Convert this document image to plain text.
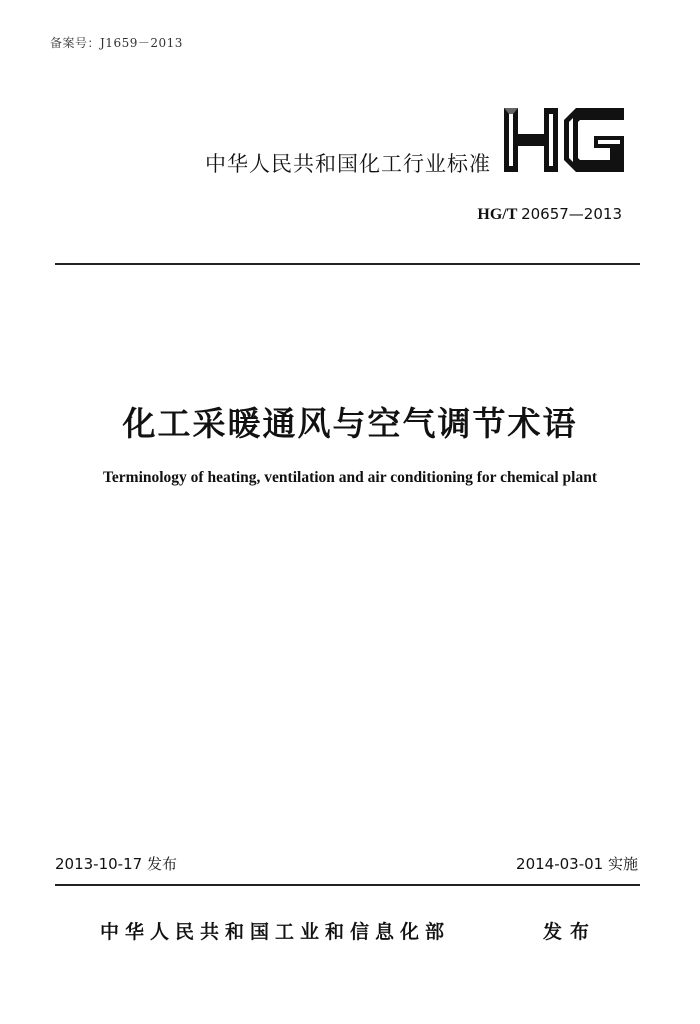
备案号：J1659－2013
中华人民共和国化工行业标准
HG/T 20657—2013
化工采暖通风与空气调节术语
Terminology of heating, ventilation and air conditioning for chemical plant
2013-10-17 发布	2014-03-01 实施
中华人民共和国工业和信息化部	发布
